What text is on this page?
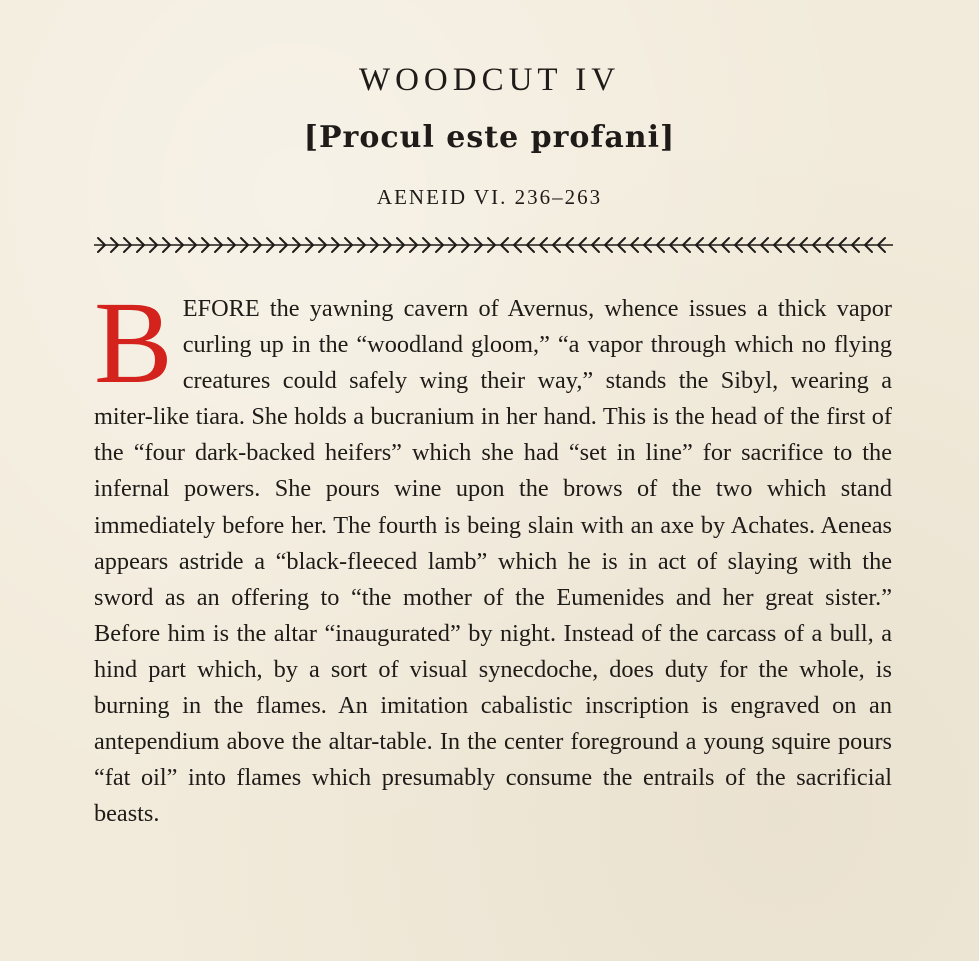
WOODCUT IV
[Procul este profani]
AENEID VI. 236–263

BEFORE the yawning cavern of Avernus, whence issues a thick vapor curling up in the “woodland gloom,” “a vapor through which no flying creatures could safely wing their way,” stands the Sibyl, wearing a miter-like tiara. She holds a bucranium in her hand. This is the head of the first of the “four dark-backed heifers” which she had “set in line” for sacrifice to the infernal powers. She pours wine upon the brows of the two which stand immediately before her. The fourth is being slain with an axe by Achates. Aeneas appears astride a “black-fleeced lamb” which he is in act of slaying with the sword as an offering to “the mother of the Eumenides and her great sister.” Before him is the altar “inaugurated” by night. Instead of the carcass of a bull, a hind part which, by a sort of visual synecdoche, does duty for the whole, is burning in the flames. An imitation cabalistic inscription is engraved on an antependium above the altar-table. In the center foreground a young squire pours “fat oil” into flames which presumably consume the entrails of the sacrificial beasts.
